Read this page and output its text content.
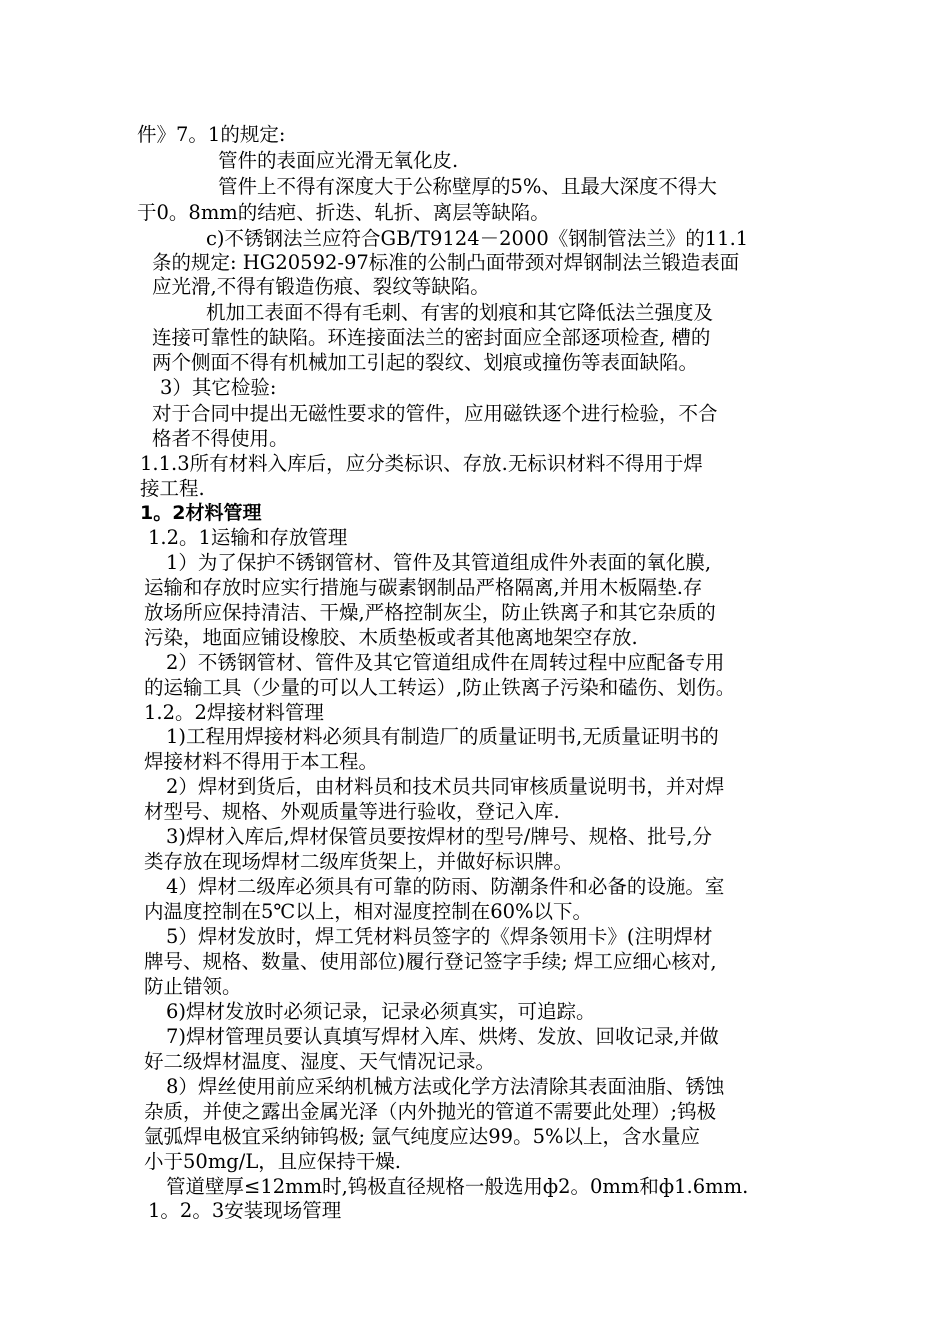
件》7。1的规定:
管件的表面应光滑无氧化皮.
管件上不得有深度大于公称壁厚的5%、且最大深度不得大
于0。8mm的结疤、折迭、轧折、离层等缺陷。
c)不锈钢法兰应符合GB/T9124－2000《钢制管法兰》的11.1
条的规定: HG20592-97标准的公制凸面带颈对焊钢制法兰锻造表面
应光滑,不得有锻造伤痕、裂纹等缺陷。
机加工表面不得有毛刺、有害的划痕和其它降低法兰强度及
连接可靠性的缺陷。环连接面法兰的密封面应全部逐项检查, 槽的
两个侧面不得有机械加工引起的裂纹、划痕或撞伤等表面缺陷。
3）其它检验:
对于合同中提出无磁性要求的管件，应用磁铁逐个进行检验，不合
格者不得使用。
1.1.3所有材料入库后，应分类标识、存放.无标识材料不得用于焊
接工程.
1。2材料管理
1.2。1运输和存放管理
1）为了保护不锈钢管材、管件及其管道组成件外表面的氧化膜,
运输和存放时应实行措施与碳素钢制品严格隔离,并用木板隔垫.存
放场所应保持清洁、干燥,严格控制灰尘，防止铁离子和其它杂质的
污染，地面应铺设橡胶、木质垫板或者其他离地架空存放.
2）不锈钢管材、管件及其它管道组成件在周转过程中应配备专用
的运输工具（少量的可以人工转运）,防止铁离子污染和磕伤、划伤。
1.2。2焊接材料管理
1)工程用焊接材料必须具有制造厂的质量证明书,无质量证明书的
焊接材料不得用于本工程。
2）焊材到货后，由材料员和技术员共同审核质量说明书，并对焊
材型号、规格、外观质量等进行验收，登记入库.
3)焊材入库后,焊材保管员要按焊材的型号/牌号、规格、批号,分
类存放在现场焊材二级库货架上，并做好标识牌。
4）焊材二级库必须具有可靠的防雨、防潮条件和必备的设施。室
内温度控制在5℃以上，相对湿度控制在60%以下。
5）焊材发放时，焊工凭材料员签字的《焊条领用卡》(注明焊材
牌号、规格、数量、使用部位)履行登记签字手续; 焊工应细心核对,
防止错领。
6)焊材发放时必须记录，记录必须真实，可追踪。
7)焊材管理员要认真填写焊材入库、烘烤、发放、回收记录,并做
好二级焊材温度、湿度、天气情况记录。
8）焊丝使用前应采纳机械方法或化学方法清除其表面油脂、锈蚀
杂质，并使之露出金属光泽（内外抛光的管道不需要此处理）;钨极
氩弧焊电极宜采纳铈钨极; 氩气纯度应达99。5%以上，含水量应
小于50mg/L，且应保持干燥.
管道壁厚≤12mm时,钨极直径规格一般选用ф2。0mm和ф1.6mm.
1。2。3安装现场管理
